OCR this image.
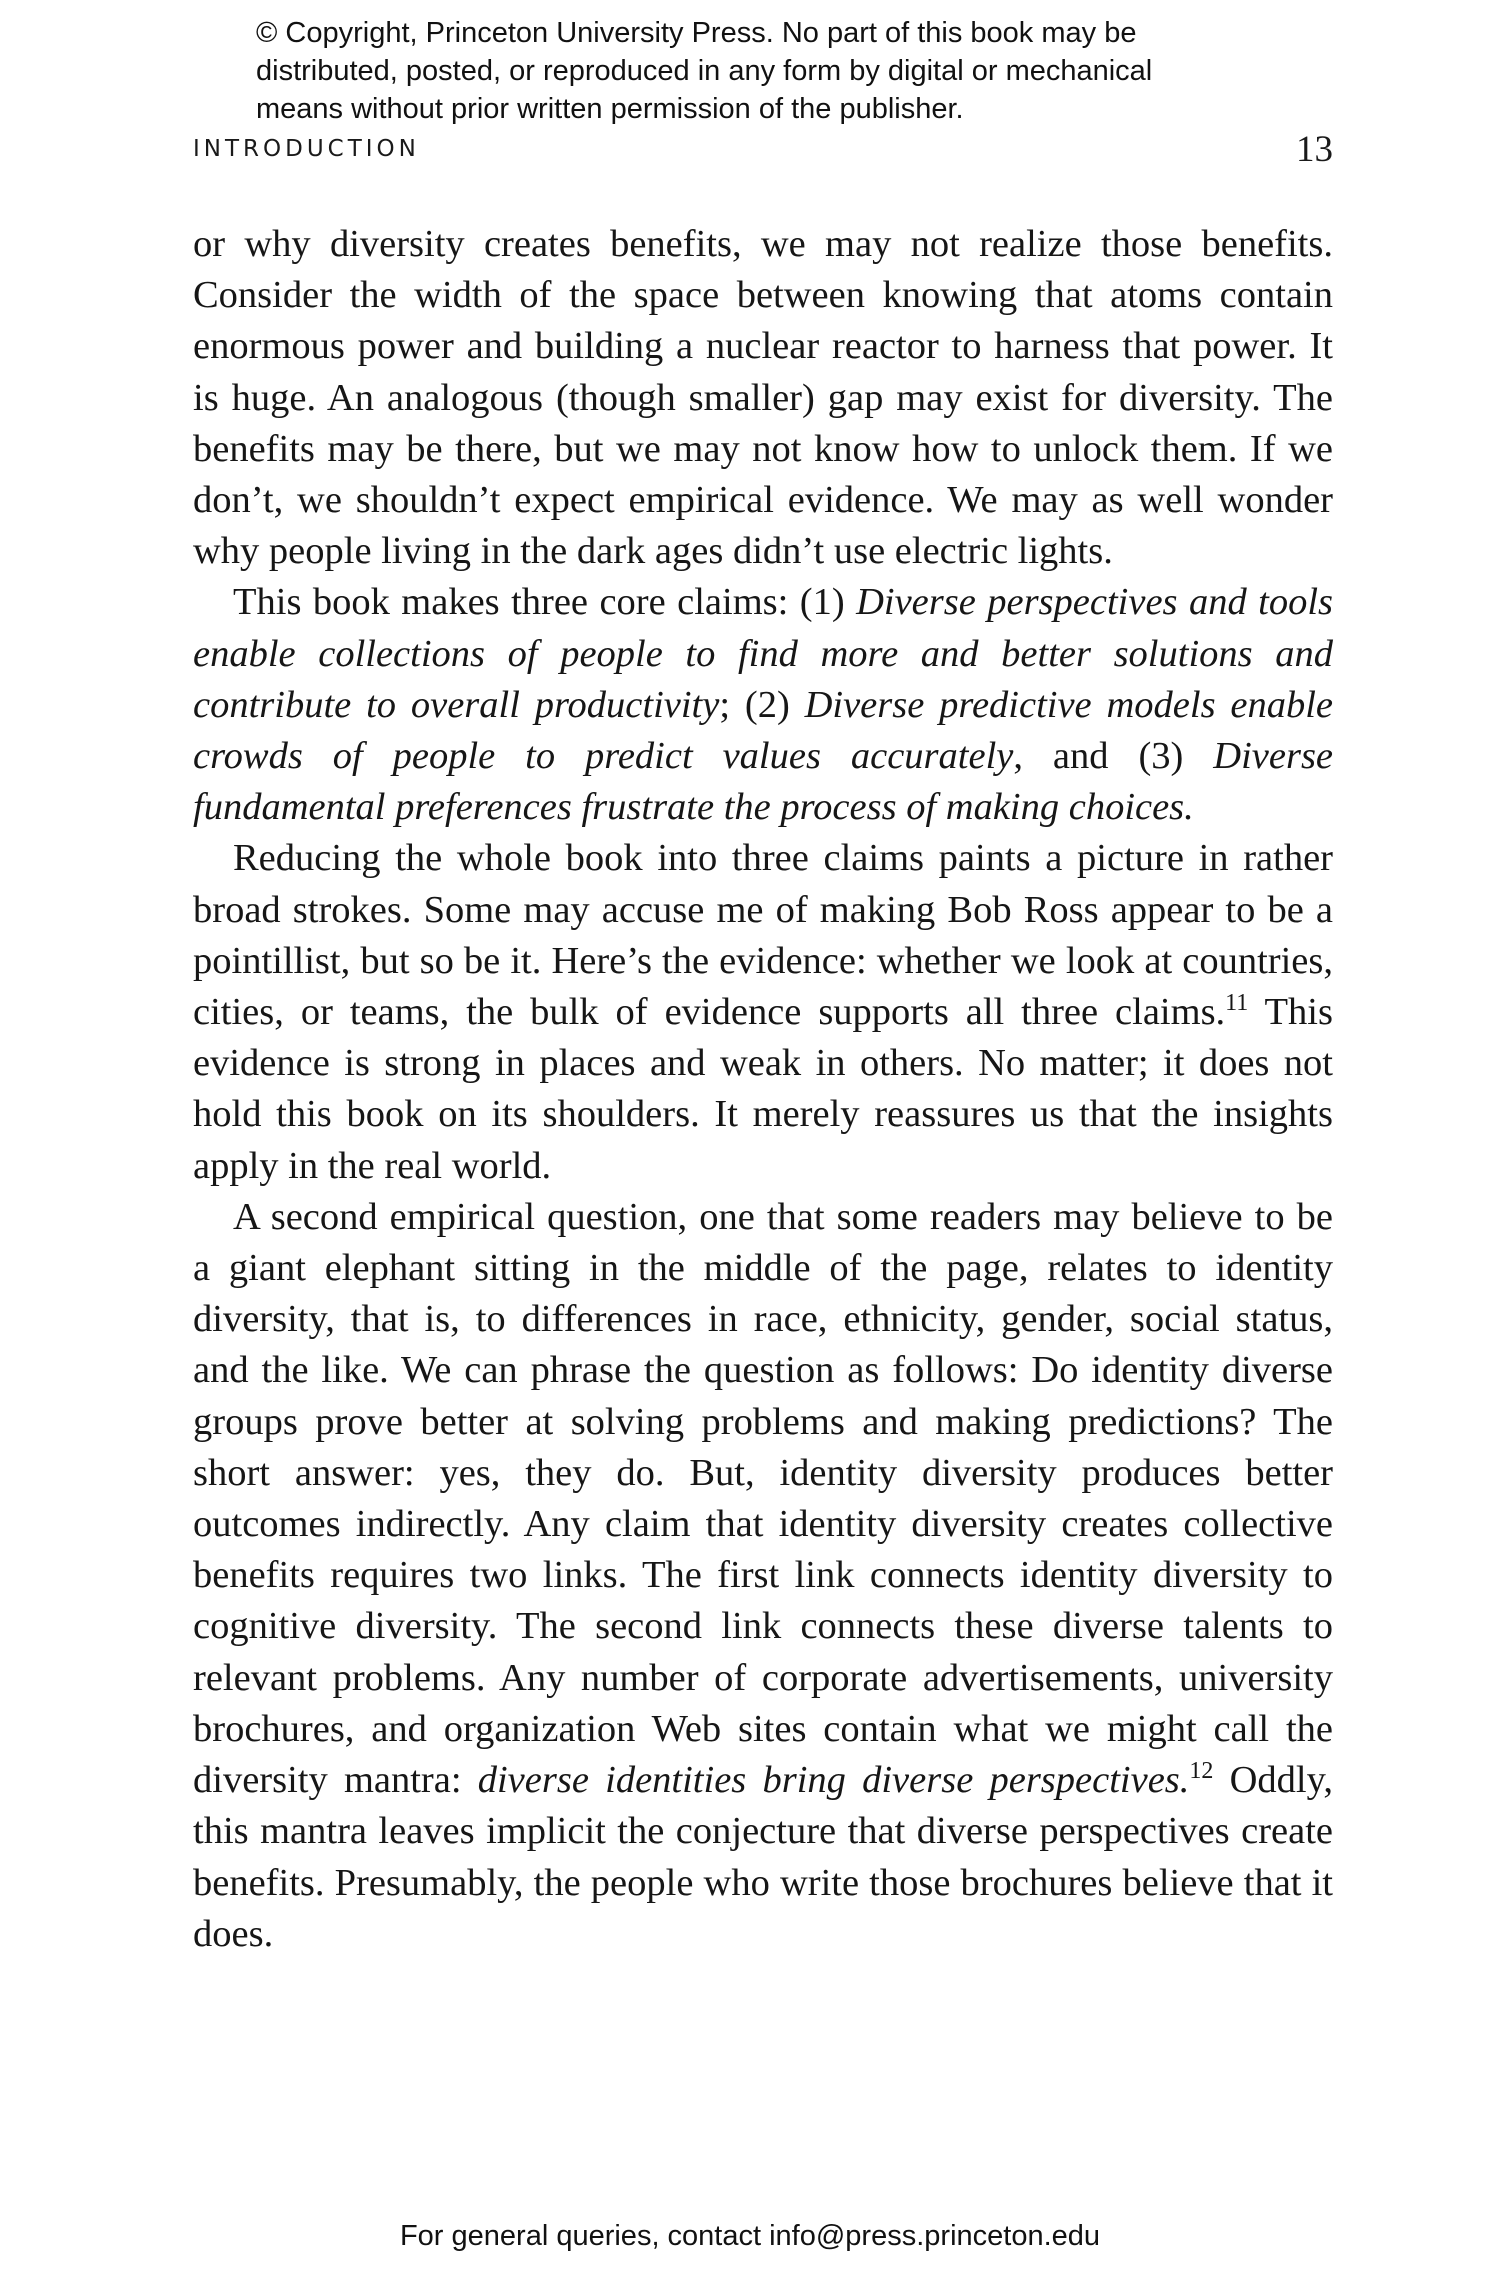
© Copyright, Princeton University Press. No part of this book may be
distributed, posted, or reproduced in any form by digital or mechanical
means without prior written permission of the publisher.
INTRODUCTION	13

or why diversity creates benefits, we may not realize those benefits. Consider the width of the space between knowing that atoms contain enormous power and building a nuclear reactor to harness that power. It is huge. An analogous (though smaller) gap may exist for diversity. The benefits may be there, but we may not know how to unlock them. If we don’t, we shouldn’t expect empirical evidence. We may as well wonder why people living in the dark ages didn’t use electric lights.

This book makes three core claims: (1) Diverse perspectives and tools enable collections of people to find more and better solutions and contribute to overall productivity; (2) Diverse predictive models enable crowds of people to predict values accurately, and (3) Diverse fundamental preferences frustrate the process of making choices.

Reducing the whole book into three claims paints a picture in rather broad strokes. Some may accuse me of making Bob Ross appear to be a pointillist, but so be it. Here’s the evidence: whether we look at countries, cities, or teams, the bulk of evidence supports all three claims.$^{11}$ This evidence is strong in places and weak in others. No matter; it does not hold this book on its shoulders. It merely reassures us that the insights apply in the real world.

A second empirical question, one that some readers may believe to be a giant elephant sitting in the middle of the page, relates to identity diversity, that is, to differences in race, ethnicity, gender, social status, and the like. We can phrase the question as follows: Do identity diverse groups prove better at solving problems and making predictions? The short answer: yes, they do. But, identity diversity produces better outcomes indirectly. Any claim that identity diversity creates collective benefits requires two links. The first link connects identity diversity to cognitive diversity. The second link connects these diverse talents to relevant problems. Any number of corporate advertisements, university brochures, and organization Web sites contain what we might call the diversity mantra: diverse identities bring diverse perspectives.$^{12}$ Oddly, this mantra leaves implicit the conjecture that diverse perspectives create benefits. Presumably, the people who write those brochures believe that it does.

For general queries, contact info@press.princeton.edu
